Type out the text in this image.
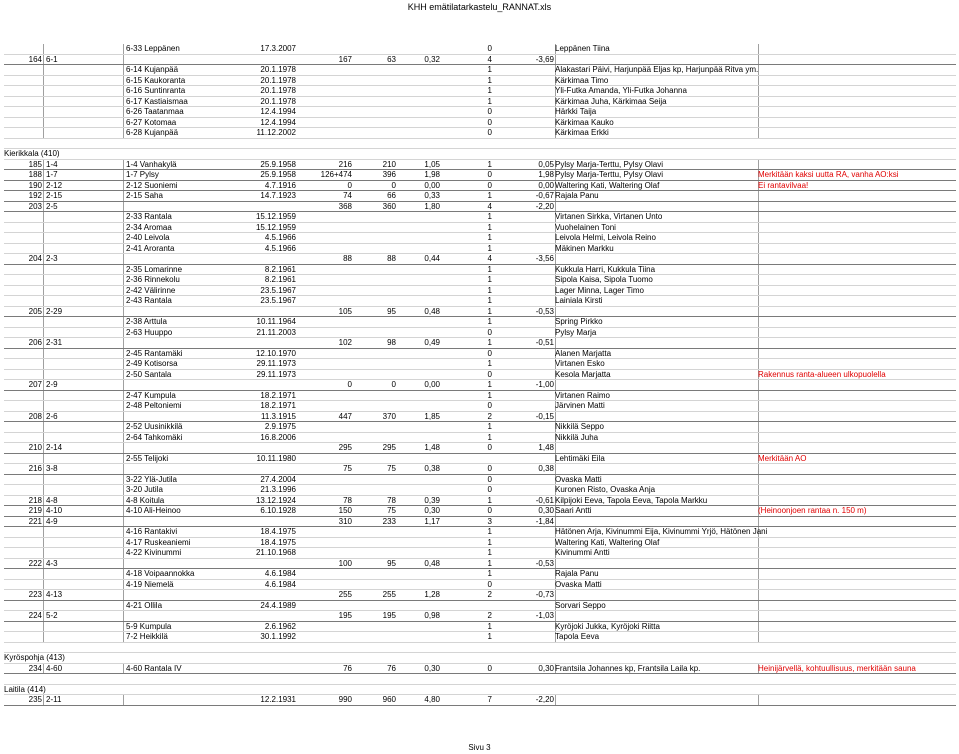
KHH emätilatarkastelu_RANNAT.xls
6-33 Leppänen	17.3.2007	0	Leppänen Tiina
164 6-1	167	63	0,32	4	-3,69
6-14 Kujanpää	20.1.1978	1	Alakastari Päivi, Harjunpää Eljas kp, Harjunpää Ritva ym.
6-15 Kaukoranta	20.1.1978	1	Kärkimaa Timo
6-16 Suntinranta	20.1.1978	1	Yli-Futka Amanda, Yli-Futka Johanna
6-17 Kastiaismaa	20.1.1978	1	Kärkimaa Juha, Kärkimaa Seija
6-26 Taatanmaa	12.4.1994	0	Härkki Taija
6-27 Kotomaa	12.4.1994	0	Kärkimaa Kauko
6-28 Kujanpää	11.12.2002	0	Kärkimaa Erkki
Kierikkala (410)
185 1-4	1-4 Vanhakylä	25.9.1958	216	210	1,05	1	0,05 Pylsy Marja-Terttu, Pylsy Olavi
188 1-7	1-7 Pylsy	25.9.1958	126+474	396	1,98	0	1,98 Pylsy Marja-Terttu, Pylsy Olavi	Merkitään kaksi uutta RA, vanha AO:ksi
190 2-12	2-12 Suoniemi	4.7.1916	0	0	0,00	0	0,00 Waltering Kati, Waltering Olaf	Ei rantavilvaa!
192 2-15	2-15 Saha	14.7.1923	74	66	0,33	1	-0,67 Rajala Panu
203 2-5	368	360	1,80	4	-2,20
2-33 Rantala	15.12.1959	1	Virtanen Sirkka, Virtanen Unto
2-34 Aromaa	15.12.1959	1	Vuohelainen Toni
2-40 Leivola	4.5.1966	1	Leivola Helmi, Leivola Reino
2-41 Aroranta	4.5.1966	1	Mäkinen Markku
204 2-3	88	88	0,44	4	-3,56
2-35 Lomarinne	8.2.1961	1	Kukkula Harri, Kukkula Tiina
2-36 Rinnekolu	8.2.1961	1	Sipola Kaisa, Sipola Tuomo
2-42 Välirinne	23.5.1967	1	Lager Minna, Lager Timo
2-43 Rantala	23.5.1967	1	Lainiala Kirsti
205 2-29	105	95	0,48	1	-0,53
2-38 Arttula	10.11.1964	1	Spring Pirkko
2-63 Huuppo	21.11.2003	0	Pylsy Marja
206 2-31	102	98	0,49	1	-0,51
2-45 Rantamäki	12.10.1970	0	Alanen Marjatta
2-49 Kotisorsa	29.11.1973	1	Virtanen Esko
2-50 Santala	29.11.1973	0	Kesola Marjatta	Rakennus ranta-alueen ulkopuolella
207 2-9	0	0	0,00	1	-1,00
2-47 Kumpula	18.2.1971	1	Virtanen Raimo
2-48 Peltoniemi	18.2.1971	0	Järvinen Matti
208 2-6	11.3.1915	447	370	1,85	2	-0,15
2-52 Uusinikkilä	2.9.1975	1	Nikkilä Seppo
2-64 Tahkomäki	16.8.2006	1	Nikkilä Juha
210 2-14	295	295	1,48	0	1,48
2-55 Telijoki	10.11.1980	Lehtimäki Eila	Merkitään AO
216 3-8	75	75	0,38	0	0,38
3-22 Ylä-Jutila	27.4.2004	0	Ovaska Matti
3-20 Jutila	21.3.1996	0	Kuronen Risto, Ovaska Anja
218 4-8	4-8 Koitula	13.12.1924	78	78	0,39	1	-0,61 Kilpijoki Eeva, Tapola Eeva, Tapola Markku
219 4-10	4-10 Ali-Heinoo	6.10.1928	150	75	0,30	0	0,30 Saari Antti	(Heinoonjoen rantaa n. 150 m)
221 4-9	310	233	1,17	3	-1,84
4-16 Rantakivi	18.4.1975	1	Hätönen Arja, Kivinummi Eija, Kivinummi Yrjö, Hätönen Jani
4-17 Ruskeaniemi	18.4.1975	1	Waltering Kati, Waltering Olaf
4-22 Kivinummi	21.10.1968	1	Kivinummi Antti
222 4-3	100	95	0,48	1	-0,53
4-18 Voipaannokka	4.6.1984	1	Rajala Panu
4-19 Niemelä	4.6.1984	0	Ovaska Matti
223 4-13	255	255	1,28	2	-0,73
4-21 Ollila	24.4.1989	Sorvari Seppo
224 5-2	195	195	0,98	2	-1,03
5-9 Kumpula	2.6.1962	1	Kyröjoki Jukka, Kyröjoki Riitta
7-2 Heikkilä	30.1.1992	1	Tapola Eeva
Kyröspohja (413)
234 4-60	4-60 Rantala IV	76	76	0,30	0	0,30 Frantsila Johannes kp, Frantsila Laila kp.	Heinijärvellä, kohtuullisuus, merkitään sauna
Laitila (414)
235 2-11	12.2.1931	990	960	4,80	7	-2,20
Sivu 3
